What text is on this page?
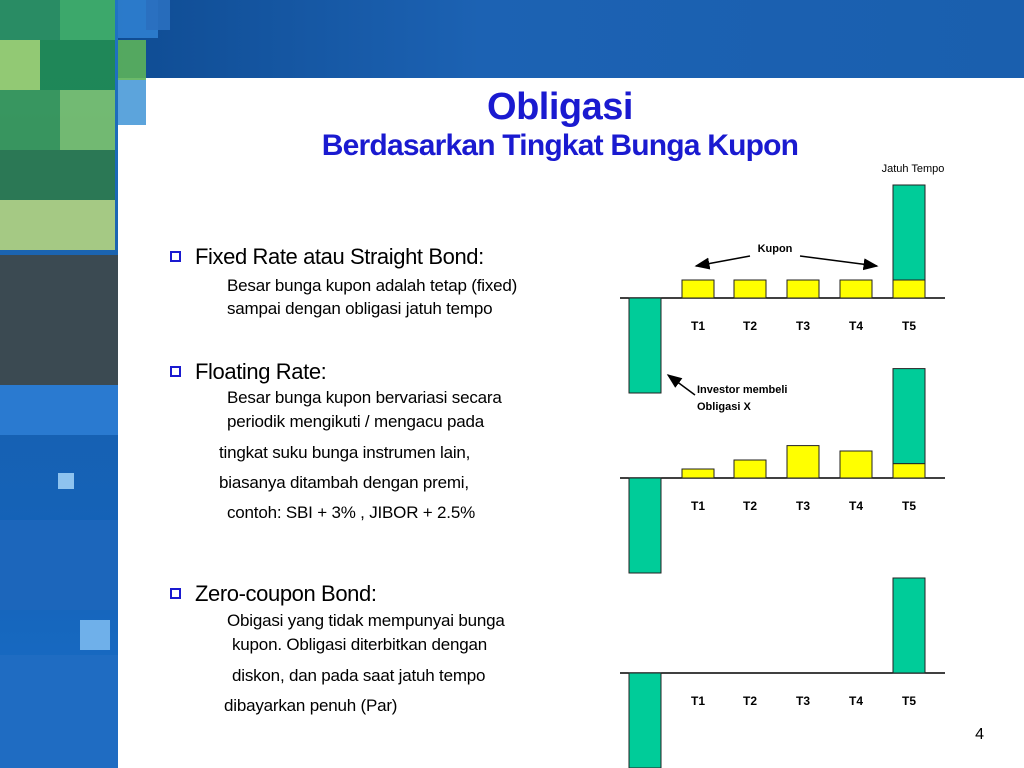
Obligasi
Berdasarkan Tingkat Bunga Kupon
Fixed Rate atau Straight Bond:
Besar bunga kupon adalah tetap (fixed)
sampai dengan obligasi jatuh tempo
Floating Rate:
Besar bunga kupon bervariasi secara
periodik mengikuti / mengacu pada
tingkat suku bunga instrumen lain,
biasanya ditambah dengan premi,
contoh: SBI + 3% , JIBOR + 2.5%
Zero-coupon Bond:
Obigasi yang tidak mempunyai bunga
kupon. Obligasi diterbitkan dengan
diskon, dan pada saat jatuh tempo
dibayarkan penuh (Par)
T1	T2	T3	T4	T5
T1	T2	T3	T4	T5
T1	T2	T3	T4	T5
Jatuh Tempo
Kupon
Investor membeli
Obligasi X
4
